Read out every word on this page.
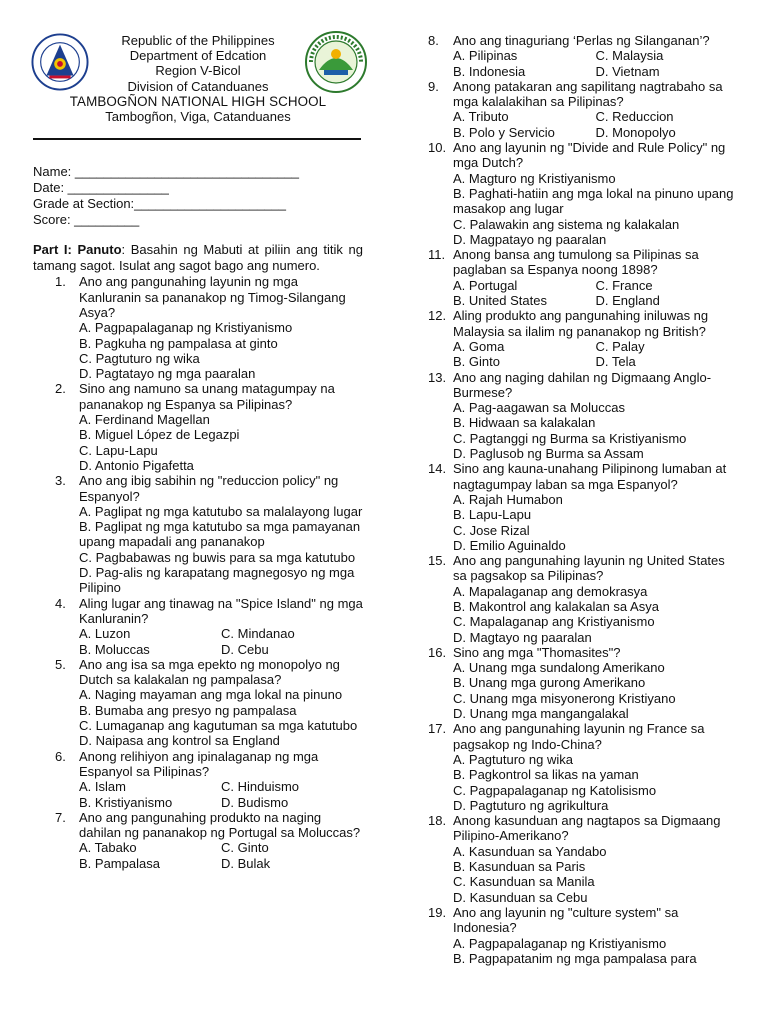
Republic of the Philippines
Department of Edcation
Region V-Bicol
Division of Catanduanes
TAMBOGÑON NATIONAL HIGH SCHOOL
Tambogñon, Viga, Catanduanes
Name: _______________________________
Date: ______________
Grade at Section:_____________________
Score: _________
Part I: Panuto: Basahin ng Mabuti at piliin ang titik ng tamang sagot. Isulat ang sagot bago ang numero.
1. Ano ang pangunahing layunin ng mga Kanluranin sa pananakop ng Timog-Silangang Asya?
A. Pagpapalaganap ng Kristiyanismo
B. Pagkuha ng pampalasa at ginto
C. Pagtuturo ng wika
D. Pagtatayo ng mga paaralan
2. Sino ang namuno sa unang matagumpay na pananakop ng Espanya sa Pilipinas?
A. Ferdinand Magellan
B. Miguel López de Legazpi
C. Lapu-Lapu
D. Antonio Pigafetta
3. Ano ang ibig sabihin ng "reduccion policy" ng Espanyol?
A. Paglipat ng mga katutubo sa malalayong lugar
B. Paglipat ng mga katutubo sa mga pamayanan upang mapadali ang pananakop
C. Pagbabawas ng buwis para sa mga katutubo
D. Pag-alis ng karapatang magnegosyo ng mga Pilipino
4. Aling lugar ang tinawag na "Spice Island" ng mga Kanluranin?
A. Luzon	C. Mindanao
B. Moluccas	D. Cebu
5. Ano ang isa sa mga epekto ng monopolyo ng Dutch sa kalakalan ng pampalasa?
A. Naging mayaman ang mga lokal na pinuno
B. Bumaba ang presyo ng pampalasa
C. Lumaganap ang kagutuman sa mga katutubo
D. Naipasa ang kontrol sa England
6. Anong relihiyon ang ipinalaganap ng mga Espanyol sa Pilipinas?
A. Islam	C. Hinduismo
B. Kristiyanismo	D. Budismo
7. Ano ang pangunahing produkto na naging dahilan ng pananakop ng Portugal sa Moluccas?
A. Tabako	C. Ginto
B. Pampalasa	D. Bulak
8. Ano ang tinaguriang ‘Perlas ng Silanganan’?
A. Pilipinas	C. Malaysia
B. Indonesia	D. Vietnam
9. Anong patakaran ang sapilitang nagtrabaho sa mga kalalakihan sa Pilipinas?
A. Tributo	C. Reduccion
B. Polo y Servicio	D. Monopolyo
10. Ano ang layunin ng "Divide and Rule Policy" ng mga Dutch?
A. Magturo ng Kristiyanismo
B. Paghati-hatiin ang mga lokal na pinuno upang masakop ang lugar
C. Palawakin ang sistema ng kalakalan
D. Magpatayo ng paaralan
11. Anong bansa ang tumulong sa Pilipinas sa paglaban sa Espanya noong 1898?
A. Portugal	C. France
B. United States	D. England
12. Aling produkto ang pangunahing iniluwas ng Malaysia sa ilalim ng pananakop ng British?
A. Goma	C. Palay
B. Ginto	D. Tela
13. Ano ang naging dahilan ng Digmaang Anglo-Burmese?
A. Pag-aagawan sa Moluccas
B. Hidwaan sa kalakalan
C. Pagtanggi ng Burma sa Kristiyanismo
D. Paglusob ng Burma sa Assam
14. Sino ang kauna-unahang Pilipinong lumaban at nagtagumpay laban sa mga Espanyol?
A. Rajah Humabon
B. Lapu-Lapu
C. Jose Rizal
D. Emilio Aguinaldo
15. Ano ang pangunahing layunin ng United States sa pagsakop sa Pilipinas?
A. Mapalaganap ang demokrasya
B. Makontrol ang kalakalan sa Asya
C. Mapalaganap ang Kristiyanismo
D. Magtayo ng paaralan
16. Sino ang mga "Thomasites"?
A. Unang mga sundalong Amerikano
B. Unang mga gurong Amerikano
C. Unang mga misyonerong Kristiyano
D. Unang mga mangangalakal
17. Ano ang pangunahing layunin ng France sa pagsakop ng Indo-China?
A. Pagtuturo ng wika
B. Pagkontrol sa likas na yaman
C. Pagpapalaganap ng Katolisismo
D. Pagtuturo ng agrikultura
18. Anong kasunduan ang nagtapos sa Digmaang Pilipino-Amerikano?
A. Kasunduan sa Yandabo
B. Kasunduan sa Paris
C. Kasunduan sa Manila
D. Kasunduan sa Cebu
19. Ano ang layunin ng "culture system" sa Indonesia?
A. Pagpapalaganap ng Kristiyanismo
B. Pagpapatanim ng mga pampalasa para
